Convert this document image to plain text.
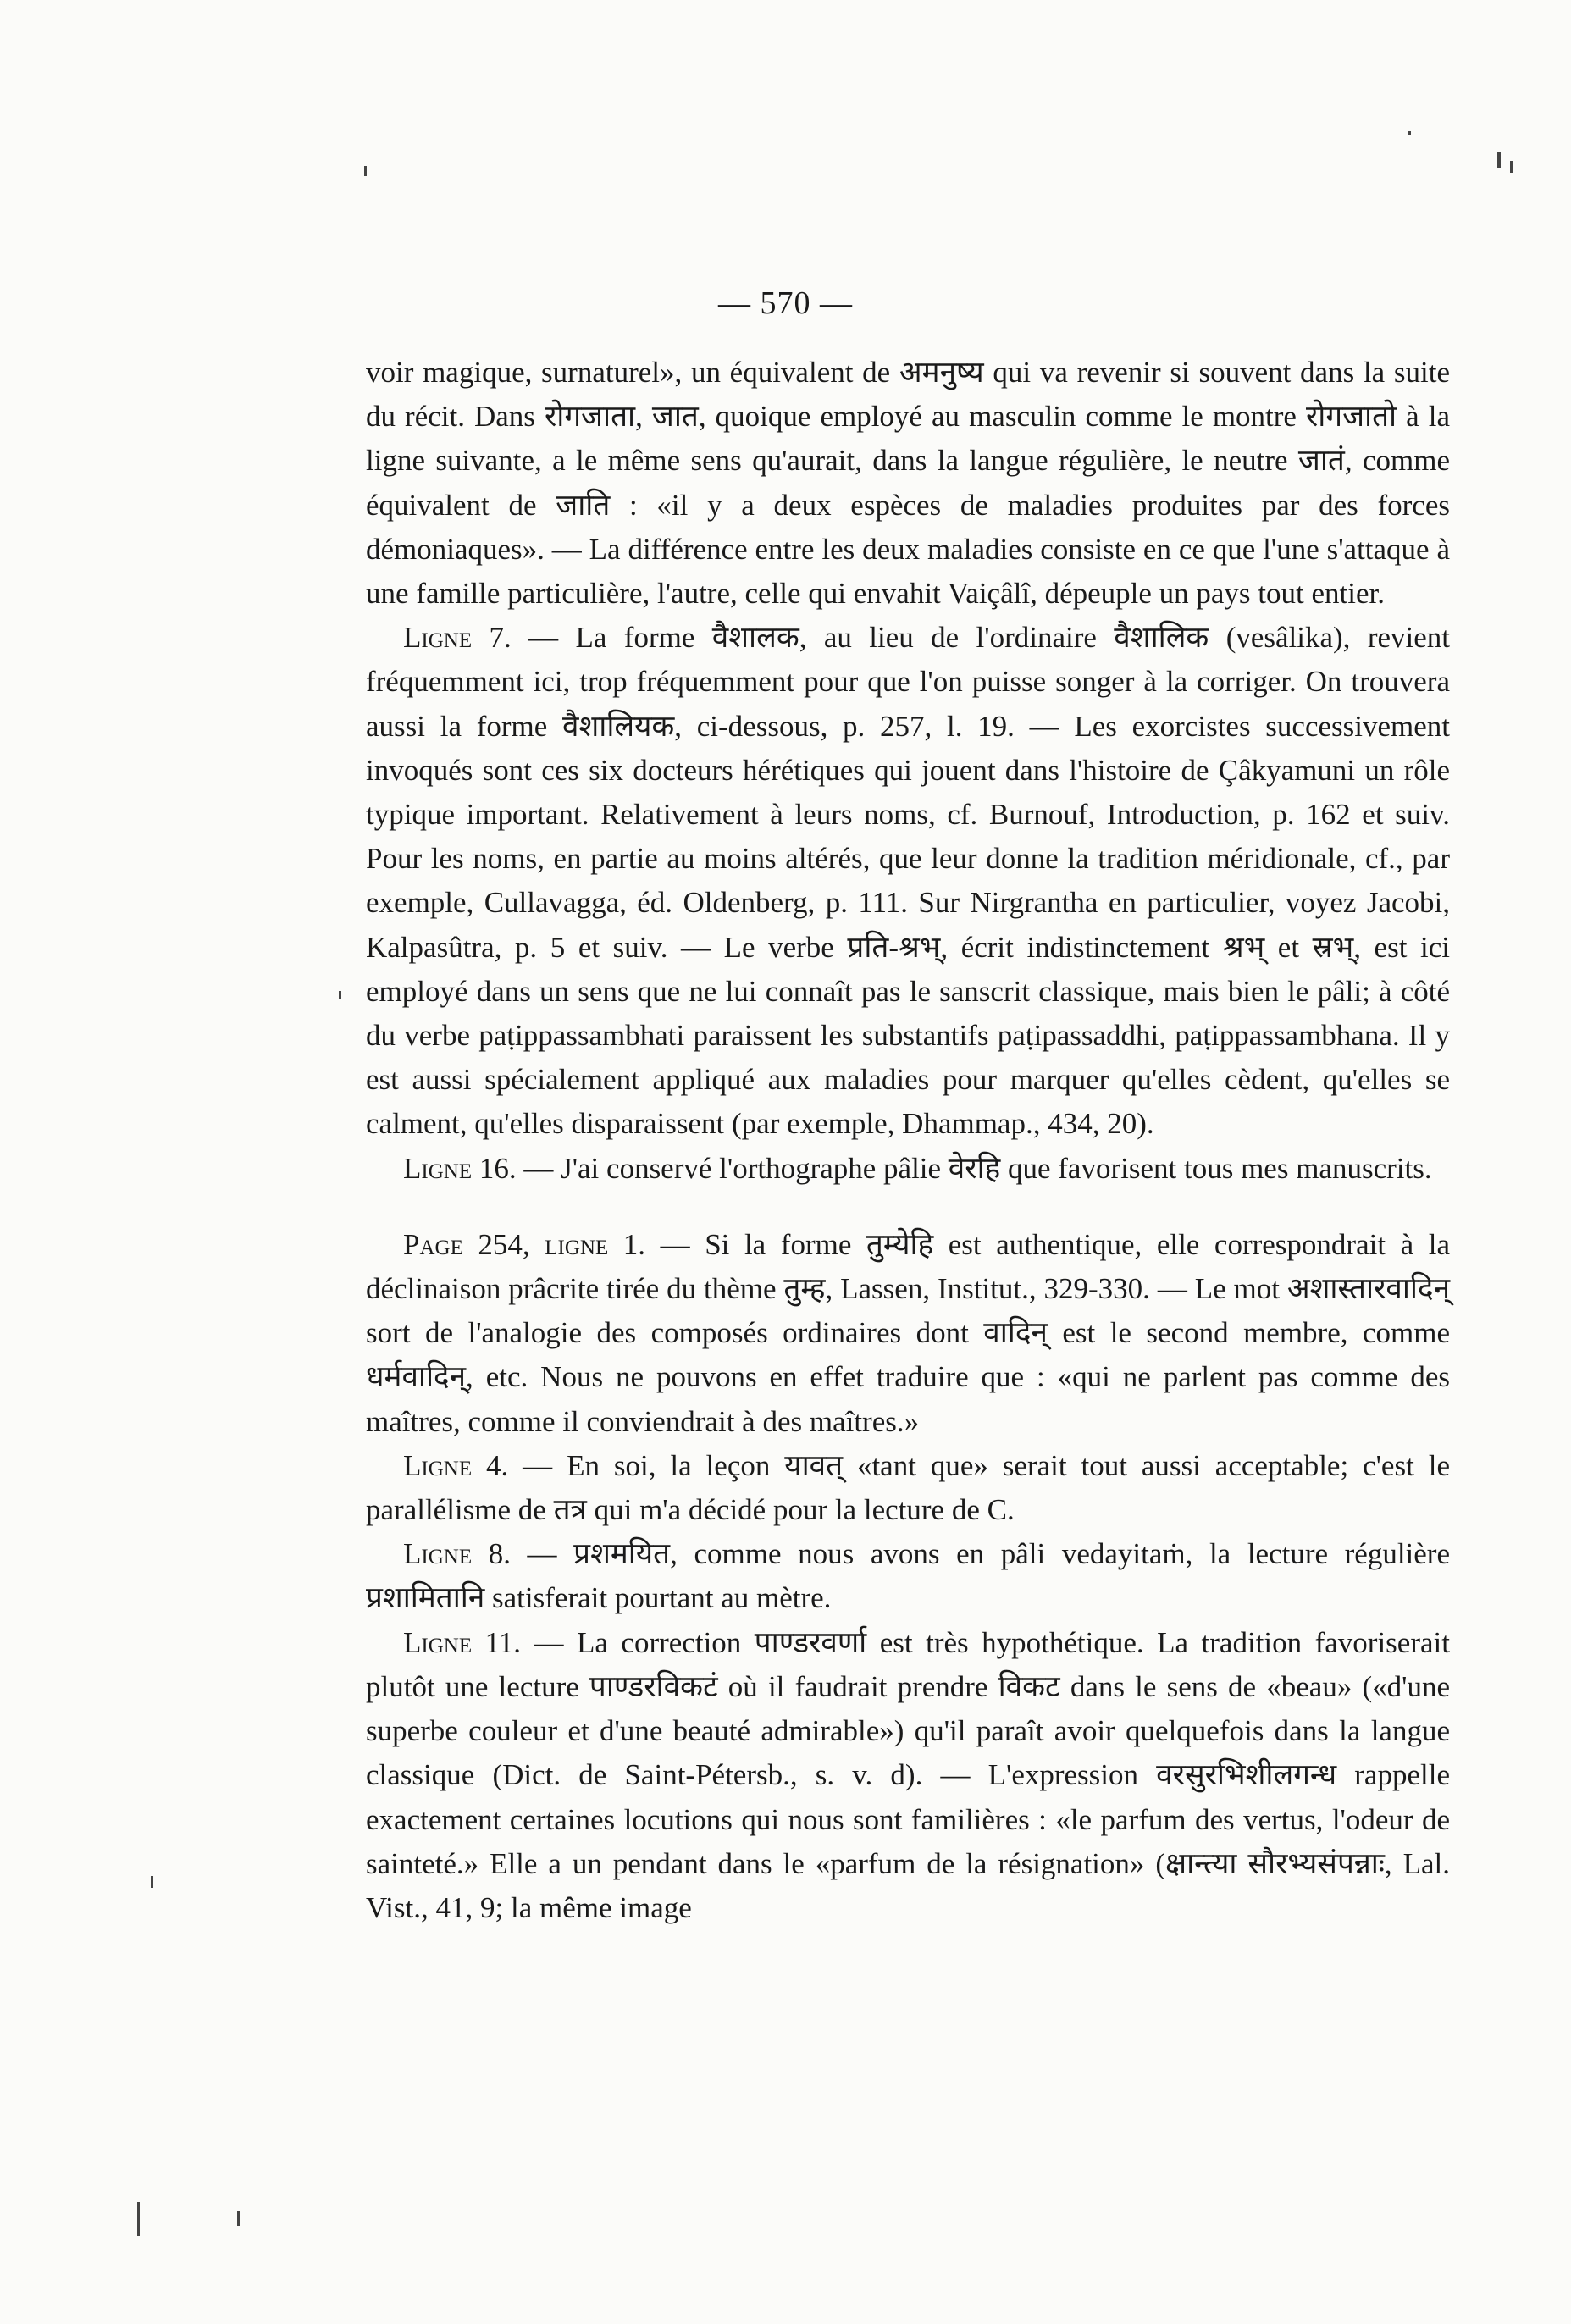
— 570 —

voir magique, surnaturel», un équivalent de अमनुष्य qui va revenir si souvent dans la suite du récit. Dans रोगजाता, जात, quoique employé au masculin comme le montre रोगजातो à la ligne suivante, a le même sens qu'aurait, dans la langue régulière, le neutre जातं, comme équivalent de जाति : «il y a deux espèces de maladies produites par des forces démoniaques». — La différence entre les deux maladies consiste en ce que l'une s'attaque à une famille particulière, l'autre, celle qui envahit Vaiçâlî, dépeuple un pays tout entier.

Ligne 7. — La forme वैशालक, au lieu de l'ordinaire वैशालिक (vesâlika), revient fréquemment ici, trop fréquemment pour que l'on puisse songer à la corriger. On trouvera aussi la forme वैशालियक, ci-dessous, p. 257, l. 19. — Les exorcistes successivement invoqués sont ces six docteurs hérétiques qui jouent dans l'histoire de Çâkyamuni un rôle typique important. Relativement à leurs noms, cf. Burnouf, Introduction, p. 162 et suiv. Pour les noms, en partie au moins altérés, que leur donne la tradition méridionale, cf., par exemple, Cullavagga, éd. Oldenberg, p. 111. Sur Nirgrantha en particulier, voyez Jacobi, Kalpasûtra, p. 5 et suiv. — Le verbe प्रति-श्रभ्, écrit indistinctement श्रभ् et स्रभ्, est ici employé dans un sens que ne lui connaît pas le sanscrit classique, mais bien le pâli; à côté du verbe paṭippassambhati paraissent les substantifs paṭipassaddhi, paṭippassambhana. Il y est aussi spécialement appliqué aux maladies pour marquer qu'elles cèdent, qu'elles se calment, qu'elles disparaissent (par exemple, Dhammap., 434, 20).

Ligne 16. — J'ai conservé l'orthographe pâlie वेरहि que favorisent tous mes manuscrits.

Page 254, ligne 1. — Si la forme तुम्येहि est authentique, elle correspondrait à la déclinaison prâcrite tirée du thème तुम्ह, Lassen, Institut., 329-330. — Le mot अशास्तारवादिन् sort de l'analogie des composés ordinaires dont वादिन् est le second membre, comme धर्मवादिन्, etc. Nous ne pouvons en effet traduire que : «qui ne parlent pas comme des maîtres, comme il conviendrait à des maîtres.»

Ligne 4. — En soi, la leçon यावत् «tant que» serait tout aussi acceptable; c'est le parallélisme de तत्र qui m'a décidé pour la lecture de C.

Ligne 8. — प्रशमयित, comme nous avons en pâli vedayitaṁ, la lecture régulière प्रशामितानि satisferait pourtant au mètre.

Ligne 11. — La correction पाण्डरवर्णा est très hypothétique. La tradition favoriserait plutôt une lecture पाण्डरविकटं où il faudrait prendre विकट dans le sens de «beau» («d'une superbe couleur et d'une beauté admirable») qu'il paraît avoir quelquefois dans la langue classique (Dict. de Saint-Pétersb., s. v. d). — L'expression वरसुरभिशीलगन्ध rappelle exactement certaines locutions qui nous sont familières : «le parfum des vertus, l'odeur de sainteté.» Elle a un pendant dans le «parfum de la résignation» (क्षान्त्या सौरभ्यसंपन्नाः, Lal. Vist., 41, 9; la même image
